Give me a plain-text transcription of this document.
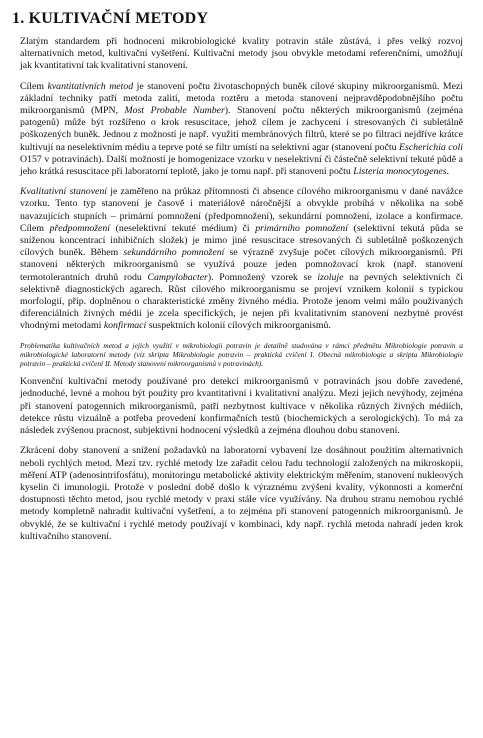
1. KULTIVAČNÍ METODY

Zlatým standardem při hodnocení mikrobiologické kvality potravin stále zůstává, i přes velký rozvoj alternativních metod, kultivační vyšetření. Kultivační metody jsou obvykle metodami referenčními, umožňují jak kvantitativní tak kvalitativní stanovení.

Cílem kvantitativních metod je stanovení počtu životaschopných buněk cílové skupiny mikroorganismů. Mezi základní techniky patří metoda zalití, metoda roztěru a metoda stanovení nejpravděpodobnějšího počtu mikroorganismů (MPN, Most Probable Number). Stanovení počtu některých mikroorganismů (zejména patogenů) může být rozšířeno o krok resuscitace, jehož cílem je zachycení i stresovaných či subletálně poškozených buněk. Jednou z možností je např. využití membránových filtrů, které se po filtraci nejdříve krátce kultivují na neselektivním médiu a teprve poté se filtr umístí na selektivní agar (stanovení počtu Escherichia coli O157 v potravinách). Další možností je homogenizace vzorku v neselektivní či částečně selektivní tekuté půdě a jeho krátká resuscitace při laboratorní teplotě, jako je tomu např. při stanovení počtu Listeria monocytogenes.

Kvalitativní stanovení je zaměřeno na průkaz přítomnosti či absence cílového mikroorganismu v dané navážce vzorku. Tento typ stanovení je časově i materiálově náročnější a obvykle probíhá v několika na sobě navazujících stupních – primární pomnožení (předpomnožení), sekundární pomnožení, izolace a konfirmace. Cílem předpomnožení (neselektivní tekuté médium) či primárního pomnožení (selektivní tekutá půda se sníženou koncentrací inhibičních složek) je mimo jiné resuscitace stresovaných či subletálně poškozených cílových buněk. Během sekundárního pomnožení se výrazně zvyšuje počet cílových mikroorganismů. Při stanovení některých mikroorganismů se využívá pouze jeden pomnožovací krok (např. stanovení termotolerantních druhů rodu Campylobacter). Pomnožený vzorek se izoluje na pevných selektivních či selektivně diagnostických agarech. Růst cílového mikroorganismu se projeví vznikem kolonií s typickou morfologií, příp. doplněnou o charakteristické změny živného média. Protože jenom velmi málo používaných diferenciálních živných médií je zcela specifických, je nejen při kvalitativním stanovení nezbytné provést vhodnými metodami konfirmaci suspektních kolonií cílových mikroorganismů.

Problematika kultivačních metod a jejich využití v mikrobiologii potravin je detailně studována v rámci předmětu Mikrobiologie potravin a mikrobiologické laboratorní metody (viz skripta Mikrobiologie potravin – praktická cvičení I. Obecná mikrobiologie a skripta Mikrobiologie potravin – praktická cvičení II. Metody stanovení mikroorganismů v potravinách).

Konvenční kultivační metody používané pro detekci mikroorganismů v potravinách jsou dobře zavedené, jednoduché, levné a mohou být použity pro kvantitativní i kvalitativní analýzu. Mezi jejich nevýhody, zejména při stanovení patogenních mikroorganismů, patří nezbytnost kultivace v několika různých živných médiích, detekce růstu vizuálně a potřeba provedení konfirmačních testů (biochemických a serologických). To má za následek zvýšenou pracnost, subjektivní hodnocení výsledků a zejména dlouhou dobu stanovení.

Zkrácení doby stanovení a snížení požadavků na laboratorní vybavení lze dosáhnout použitím alternativních neboli rychlých metod. Mezi tzv. rychlé metody lze zařadit celou řadu technologií založených na mikroskopii, měření ATP (adenosintrifosfátu), monitoringu metabolické aktivity elektrickým měřením, stanovení nukleových kyselin či imunologii. Protože v poslední době došlo k výraznému zvýšení kvality, výkonnosti a komerční dostupnosti těchto metod, jsou rychlé metody v praxi stále více využívány. Na druhou stranu nemohou rychlé metody kompletně nahradit kultivační vyšetření, a to zejména při stanovení patogenních mikroorganismů. Je obvyklé, že se kultivační i rychlé metody používají v kombinaci, kdy např. rychlá metoda nahradí jeden krok kultivačního stanovení.
